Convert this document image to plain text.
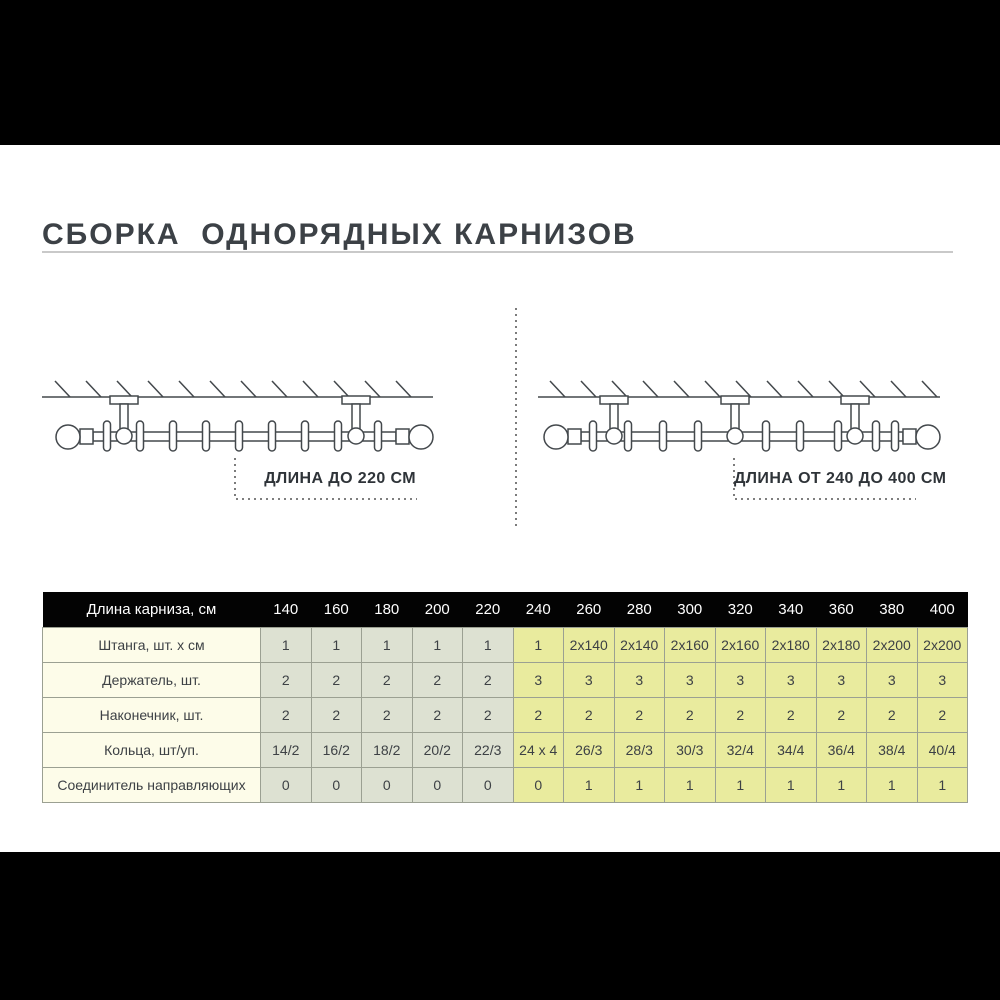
СБОРКА  ОДНОРЯДНЫХ КАРНИЗОВ
ДЛИНА ДО 220 СМ	ДЛИНА ОТ 240 ДО 400 СМ
Длина карниза, см	140	160	180	200	220	240	260	280	300	320	340	360	380	400
Штанга, шт. х см	1	1	1	1	1	1	2x140	2x140	2x160	2x160	2x180	2x180	2x200	2x200
Держатель, шт.	2	2	2	2	2	3	3	3	3	3	3	3	3	3
Наконечник, шт.	2	2	2	2	2	2	2	2	2	2	2	2	2	2
Кольца, шт/уп.	14/2	16/2	18/2	20/2	22/3	24 x 4	26/3	28/3	30/3	32/4	34/4	36/4	38/4	40/4
Соединитель направляющих	0	0	0	0	0	0	1	1	1	1	1	1	1	1
